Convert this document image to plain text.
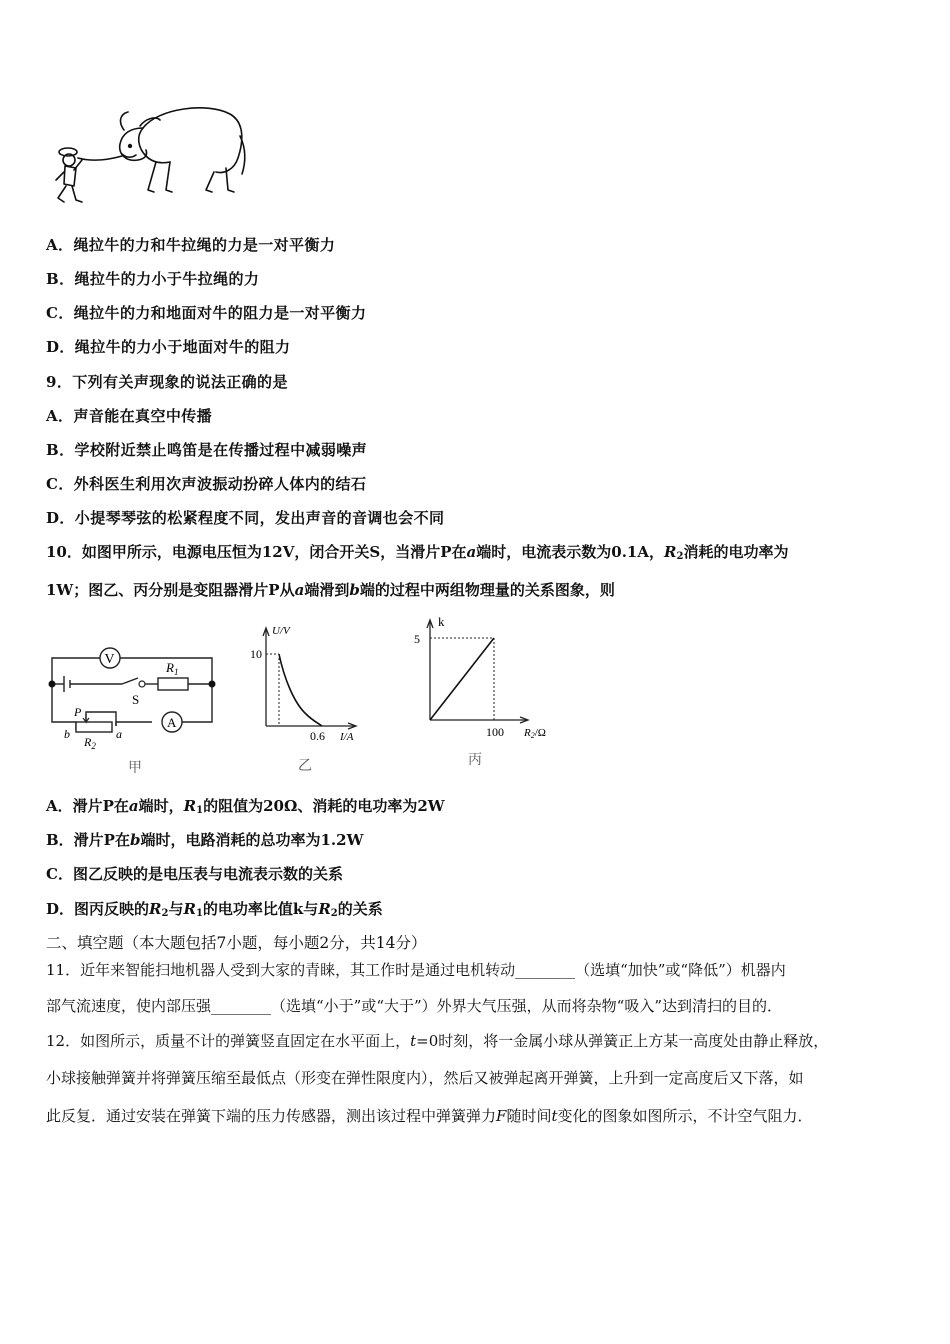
A．绳拉牛的力和牛拉绳的力是一对平衡力
B．绳拉牛的力小于牛拉绳的力
C．绳拉牛的力和地面对牛的阻力是一对平衡力
D．绳拉牛的力小于地面对牛的阻力
9．下列有关声现象的说法正确的是
A．声音能在真空中传播
B．学校附近禁止鸣笛是在传播过程中减弱噪声
C．外科医生利用次声波振动扮碎人体内的结石
D．小提琴琴弦的松紧程度不同，发出声音的音调也会不同
10．如图甲所示，电源电压恒为12V，闭合开关S，当滑片P在a端时，电流表示数为0.1A，$R_2$消耗的电功率为
1W；图乙、丙分别是变阻器滑片P从a端滑到b端的过程中两组物理量的关系图象，则
V
$R_1$
S
P
b	a
$R_2$
A
甲
U/V
10
0.6 I/A
乙
k
5
100 R2/Ω
丙
A．滑片P在a端时，$R_1$的阻值为20Ω、消耗的电功率为2W
B．滑片P在b端时，电路消耗的总功率为1.2W
C．图乙反映的是电压表与电流表示数的关系
D．图丙反映的$R_2$与$R_1$的电功率比值k与$R_2$的关系
二、填空题（本大题包括7小题，每小题2分，共14分）
11．近年来智能扫地机器人受到大家的青睐，其工作时是通过电机转动________（选填“加快”或“降低”）机器内
部气流速度，使内部压强________（选填“小于”或“大于”）外界大气压强，从而将杂物“吸入”达到清扫的目的．
12．如图所示，质量不计的弹簧竖直固定在水平面上，t=0时刻，将一金属小球从弹簧正上方某一高度处由静止释放，
小球接触弹簧并将弹簧压缩至最低点（形变在弹性限度内），然后又被弹起离开弹簧，上升到一定高度后又下落，如
此反复．通过安装在弹簧下端的压力传感器，测出该过程中弹簧弹力F随时间t变化的图象如图所示，不计空气阻力．
